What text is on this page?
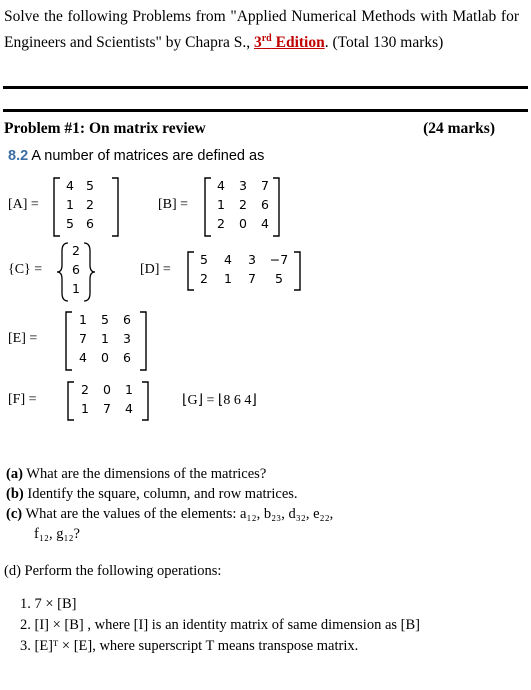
Solve the following Problems from "Applied Numerical Methods with Matlab for Engineers and Scientists" by Chapra S., 3rd Edition. (Total 130 marks)
Problem #1: On matrix review	(24 marks)
8.2 A number of matrices are defined as
[A] =
4 5
1 2
5 6
[B] =
4	3	7
1	2	6
2	0	4
{C} =
2
6
1
[D] =
5	4	3	−7
2	1	7	5
[E] =
1	5	6
7	1	3
4	0	6
[F] =
2	0	1
1	7	4
⌊G⌋ = ⌊8 6 4⌋
(a) What are the dimensions of the matrices?
(b) Identify the square, column, and row matrices.
(c) What are the values of the elements: a₁₂, b₂₃, d₃₂, e₂₂,
f₁₂, g₁₂?
(d) Perform the following operations:
1. 7 × [B]
2. [I] × [B] , where [I] is an identity matrix of same dimension as [B]
3. [E]ᵀ × [E], where superscript T means transpose matrix.
